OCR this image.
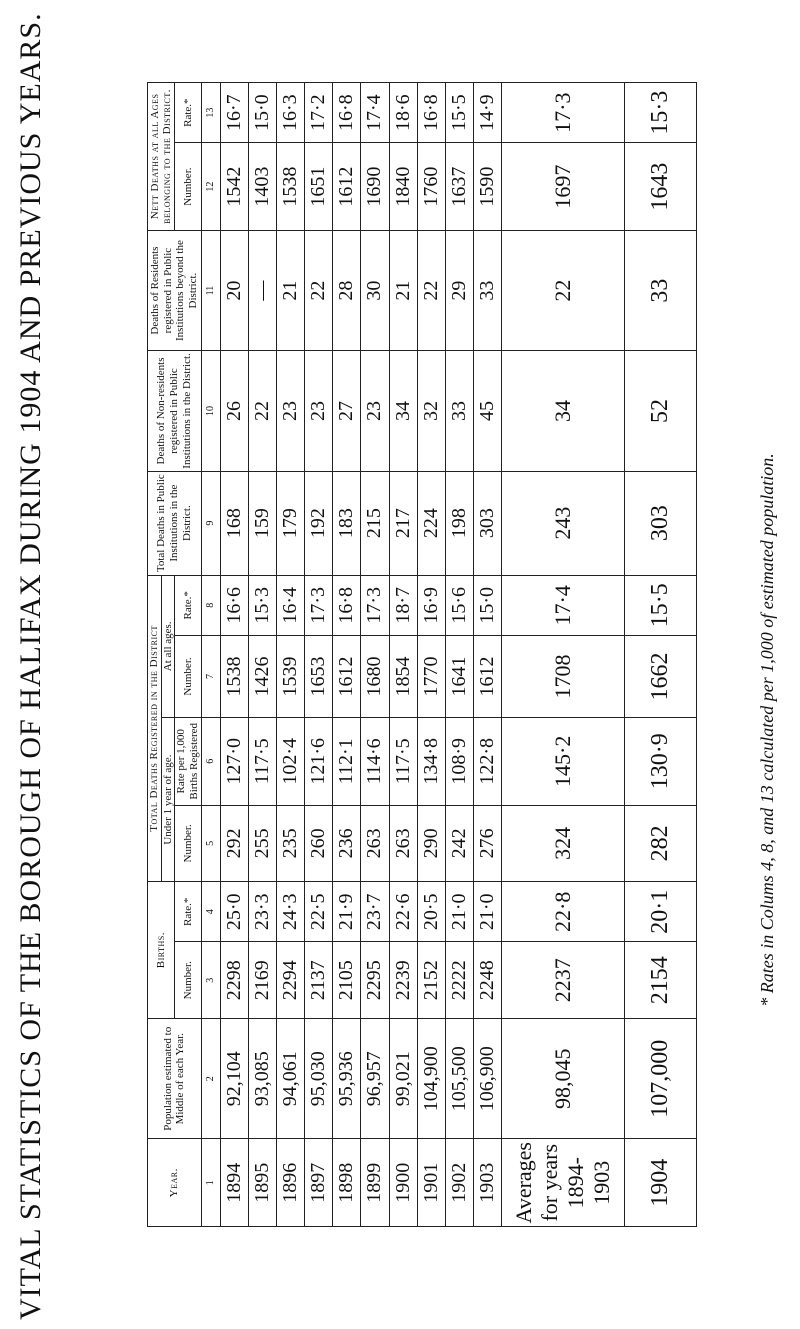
VITAL STATISTICS OF THE BOROUGH OF HALIFAX DURING 1904 AND PREVIOUS YEARS.	* Rates in Colums 4, 8, and 13 calculated per 1,000 of estimated population.
Year.	Population estimated to Middle of each Year.	Births.		Total Deaths Registered in the District				Total Deaths in Public Institutions in the District.	Deaths of Non-residents registered in Public Institutions in the District.	Deaths of Residents registered in Public Institutions beyond the District.	Nett Deaths at all Ages belonging to the District.	
				Under 1 year of age.		At all ages.						
		Number.	Rate.*	Number.	Rate per 1,000 Births Registered	Number.	Rate.*				Number.	Rate.*
1	2	3	4	5	6	7	8	9	10	11	12	13
1894	92,104	2298	25·0	292	127·0	1538	16·6	168	26	20	1542	16·7
1895	93,085	2169	23·3	255	117·5	1426	15·3	159	22	—	1403	15·0
1896	94,061	2294	24·3	235	102·4	1539	16·4	179	23	21	1538	16·3
1897	95,030	2137	22·5	260	121·6	1653	17·3	192	23	22	1651	17·2
1898	95,936	2105	21·9	236	112·1	1612	16·8	183	27	28	1612	16·8
1899	96,957	2295	23·7	263	114·6	1680	17·3	215	23	30	1690	17·4
1900	99,021	2239	22·6	263	117·5	1854	18·7	217	34	21	1840	18·6
1901	104,900	2152	20·5	290	134·8	1770	16·9	224	32	22	1760	16·8
1902	105,500	2222	21·0	242	108·9	1641	15·6	198	33	29	1637	15·5
1903	106,900	2248	21·0	276	122·8	1612	15·0	303	45	33	1590	14·9
Averages for years 1894-1903	98,045	2237	22·8	324	145·2	1708	17·4	243	34	22	1697	17·3
1904	107,000	2154	20·1	282	130·9	1662	15·5	303	52	33	1643	15·3
